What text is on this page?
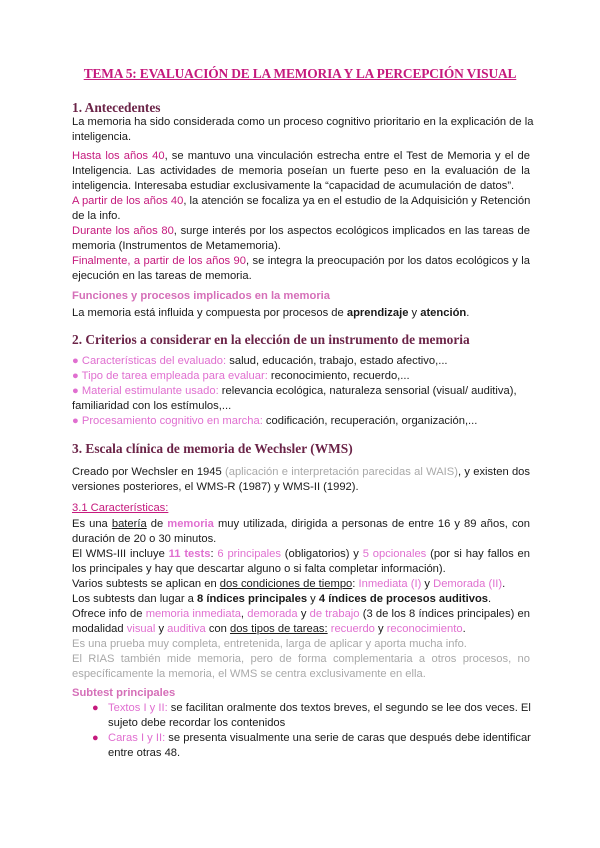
TEMA 5: EVALUACIÓN DE LA MEMORIA Y LA PERCEPCIÓN VISUAL
1. Antecedentes
La memoria ha sido considerada como un proceso cognitivo prioritario en la explicación de la
inteligencia.
Hasta los años 40, se mantuvo una vinculación estrecha entre el Test de Memoria y el de
Inteligencia. Las actividades de memoria poseían un fuerte peso en la evaluación de la
inteligencia. Interesaba estudiar exclusivamente la “capacidad de acumulación de datos”.
A partir de los años 40, la atención se focaliza ya en el estudio de la Adquisición y Retención
de la info.
Durante los años 80, surge interés por los aspectos ecológicos implicados en las tareas de
memoria (Instrumentos de Metamemoria).
Finalmente, a partir de los años 90, se integra la preocupación por los datos ecológicos y la
ejecución en las tareas de memoria.
Funciones y procesos implicados en la memoria
La memoria está influida y compuesta por procesos de aprendizaje y atención.
2. Criterios a considerar en la elección de un instrumento de memoria
● Características del evaluado: salud, educación, trabajo, estado afectivo,...
● Tipo de tarea empleada para evaluar: reconocimiento, recuerdo,...
● Material estimulante usado: relevancia ecológica, naturaleza sensorial (visual/ auditiva),
familiaridad con los estímulos,...
● Procesamiento cognitivo en marcha: codificación, recuperación, organización,...
3. Escala clínica de memoria de Wechsler (WMS)
Creado por Wechsler en 1945 (aplicación e interpretación parecidas al WAIS), y existen dos
versiones posteriores, el WMS-R (1987) y WMS-II (1992).
3.1 Características:
Es una batería de memoria muy utilizada, dirigida a personas de entre 16 y 89 años, con
duración de 20 o 30 minutos.
El WMS-III incluye 11 tests: 6 principales (obligatorios) y 5 opcionales (por si hay fallos en
los principales y hay que descartar alguno o si falta completar información).
Varios subtests se aplican en dos condiciones de tiempo: Inmediata (I) y Demorada (II).
Los subtests dan lugar a 8 índices principales y 4 índices de procesos auditivos.
Ofrece info de memoria inmediata, demorada y de trabajo (3 de los 8 índices principales) en
modalidad visual y auditiva con dos tipos de tareas: recuerdo y reconocimiento.
Es una prueba muy completa, entretenida, larga de aplicar y aporta mucha info.
El RIAS también mide memoria, pero de forma complementaria a otros procesos, no
específicamente la memoria, el WMS se centra exclusivamente en ella.
Subtest principales
● Textos I y II: se facilitan oralmente dos textos breves, el segundo se lee dos veces. El
sujeto debe recordar los contenidos
● Caras I y II: se presenta visualmente una serie de caras que después debe identificar
entre otras 48.
